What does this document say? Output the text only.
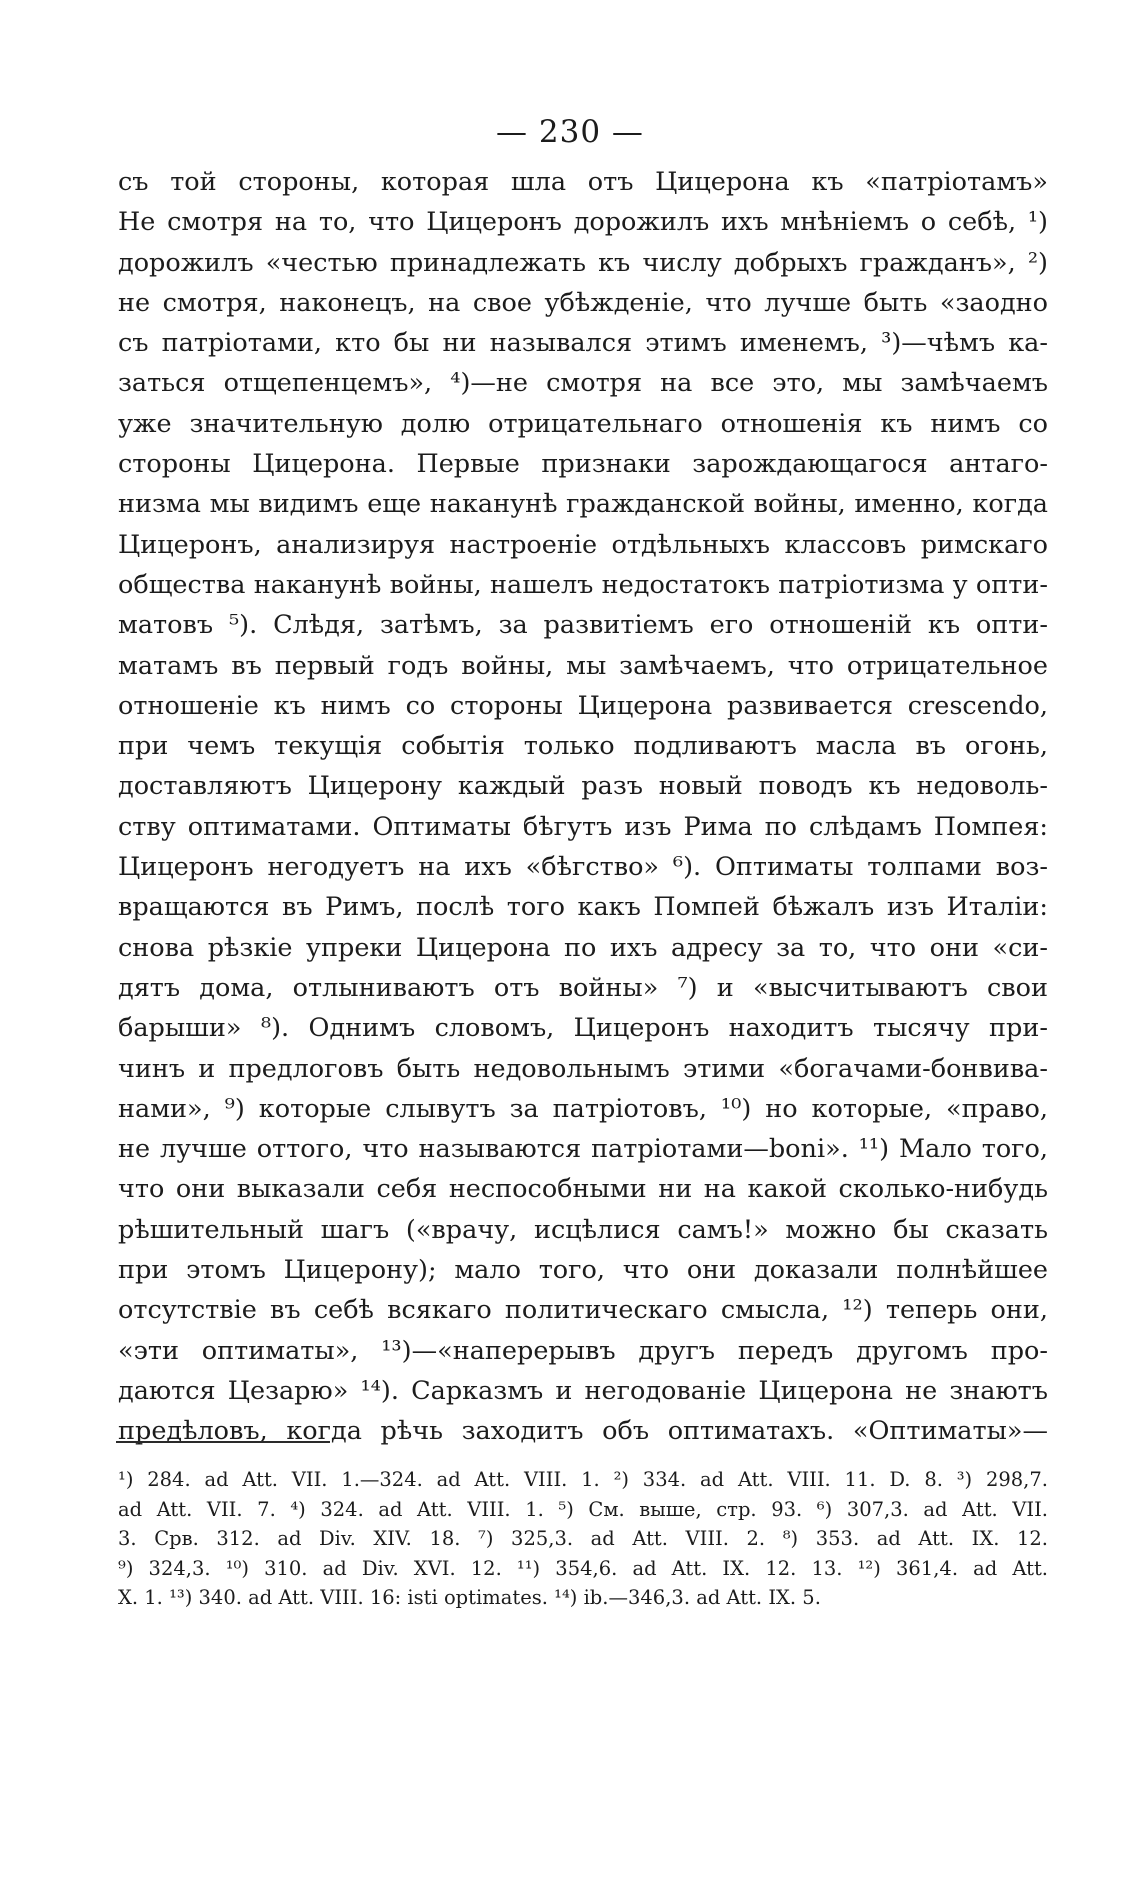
— 230 —
съ той стороны, которая шла отъ Цицерона къ «патріотамъ»
Не смотря на то, что Цицеронъ дорожилъ ихъ мнѣніемъ о себѣ, ¹)
дорожилъ «честью принадлежать къ числу добрыхъ гражданъ», ²)
не смотря, наконецъ, на свое убѣжденіе, что лучше быть «заодно
съ патріотами, кто бы ни назывался этимъ именемъ, ³)—чѣмъ ка-
заться отщепенцемъ», ⁴)—не смотря на все это, мы замѣчаемъ
уже значительную долю отрицательнаго отношенія къ нимъ со
стороны Цицерона. Первые признаки зарождающагося антаго-
низма мы видимъ еще наканунѣ гражданской войны, именно, когда
Цицеронъ, анализируя настроеніе отдѣльныхъ классовъ римскаго
общества наканунѣ войны, нашелъ недостатокъ патріотизма у опти-
матовъ ⁵). Слѣдя, затѣмъ, за развитіемъ его отношеній къ опти-
матамъ въ первый годъ войны, мы замѣчаемъ, что отрицательное
отношеніе къ нимъ со стороны Цицерона развивается crescendo,
при чемъ текущія событія только подливаютъ масла въ огонь,
доставляютъ Цицерону каждый разъ новый поводъ къ недоволь-
ству оптиматами. Оптиматы бѣгутъ изъ Рима по слѣдамъ Помпея:
Цицеронъ негодуетъ на ихъ «бѣгство» ⁶). Оптиматы толпами воз-
вращаются въ Римъ, послѣ того какъ Помпей бѣжалъ изъ Италіи:
снова рѣзкіе упреки Цицерона по ихъ адресу за то, что они «си-
дятъ дома, отлыниваютъ отъ войны» ⁷) и «высчитываютъ свои
барыши» ⁸). Однимъ словомъ, Цицеронъ находитъ тысячу при-
чинъ и предлоговъ быть недовольнымъ этими «богачами-бонвива-
нами», ⁹) которые слывутъ за патріотовъ, ¹⁰) но которые, «право,
не лучше оттого, что называются патріотами—boni». ¹¹) Мало того,
что они выказали себя неспособными ни на какой сколько-нибудь
рѣшительный шагъ («врачу, исцѣлися самъ!» можно бы сказать
при этомъ Цицерону); мало того, что они доказали полнѣйшее
отсутствіе въ себѣ всякаго политическаго смысла, ¹²) теперь они,
«эти оптиматы», ¹³)—«наперерывъ другъ передъ другомъ про-
даются Цезарю» ¹⁴). Сарказмъ и негодованіе Цицерона не знаютъ
предѣловъ, когда рѣчь заходитъ объ оптиматахъ. «Оптиматы»—
¹) 284. ad Att. VII. 1.—324. ad Att. VIII. 1. ²) 334. ad Att. VIII. 11. D. 8. ³) 298,7.
ad Att. VII. 7. ⁴) 324. ad Att. VIII. 1. ⁵) См. выше, стр. 93. ⁶) 307,3. ad Att. VII.
3. Срв. 312. ad Div. XIV. 18. ⁷) 325,3. ad Att. VIII. 2. ⁸) 353. ad Att. IX. 12.
⁹) 324,3. ¹⁰) 310. ad Div. XVI. 12. ¹¹) 354,6. ad Att. IX. 12. 13. ¹²) 361,4. ad Att.
X. 1. ¹³) 340. ad Att. VIII. 16: isti optimates. ¹⁴) ib.—346,3. ad Att. IX. 5.
